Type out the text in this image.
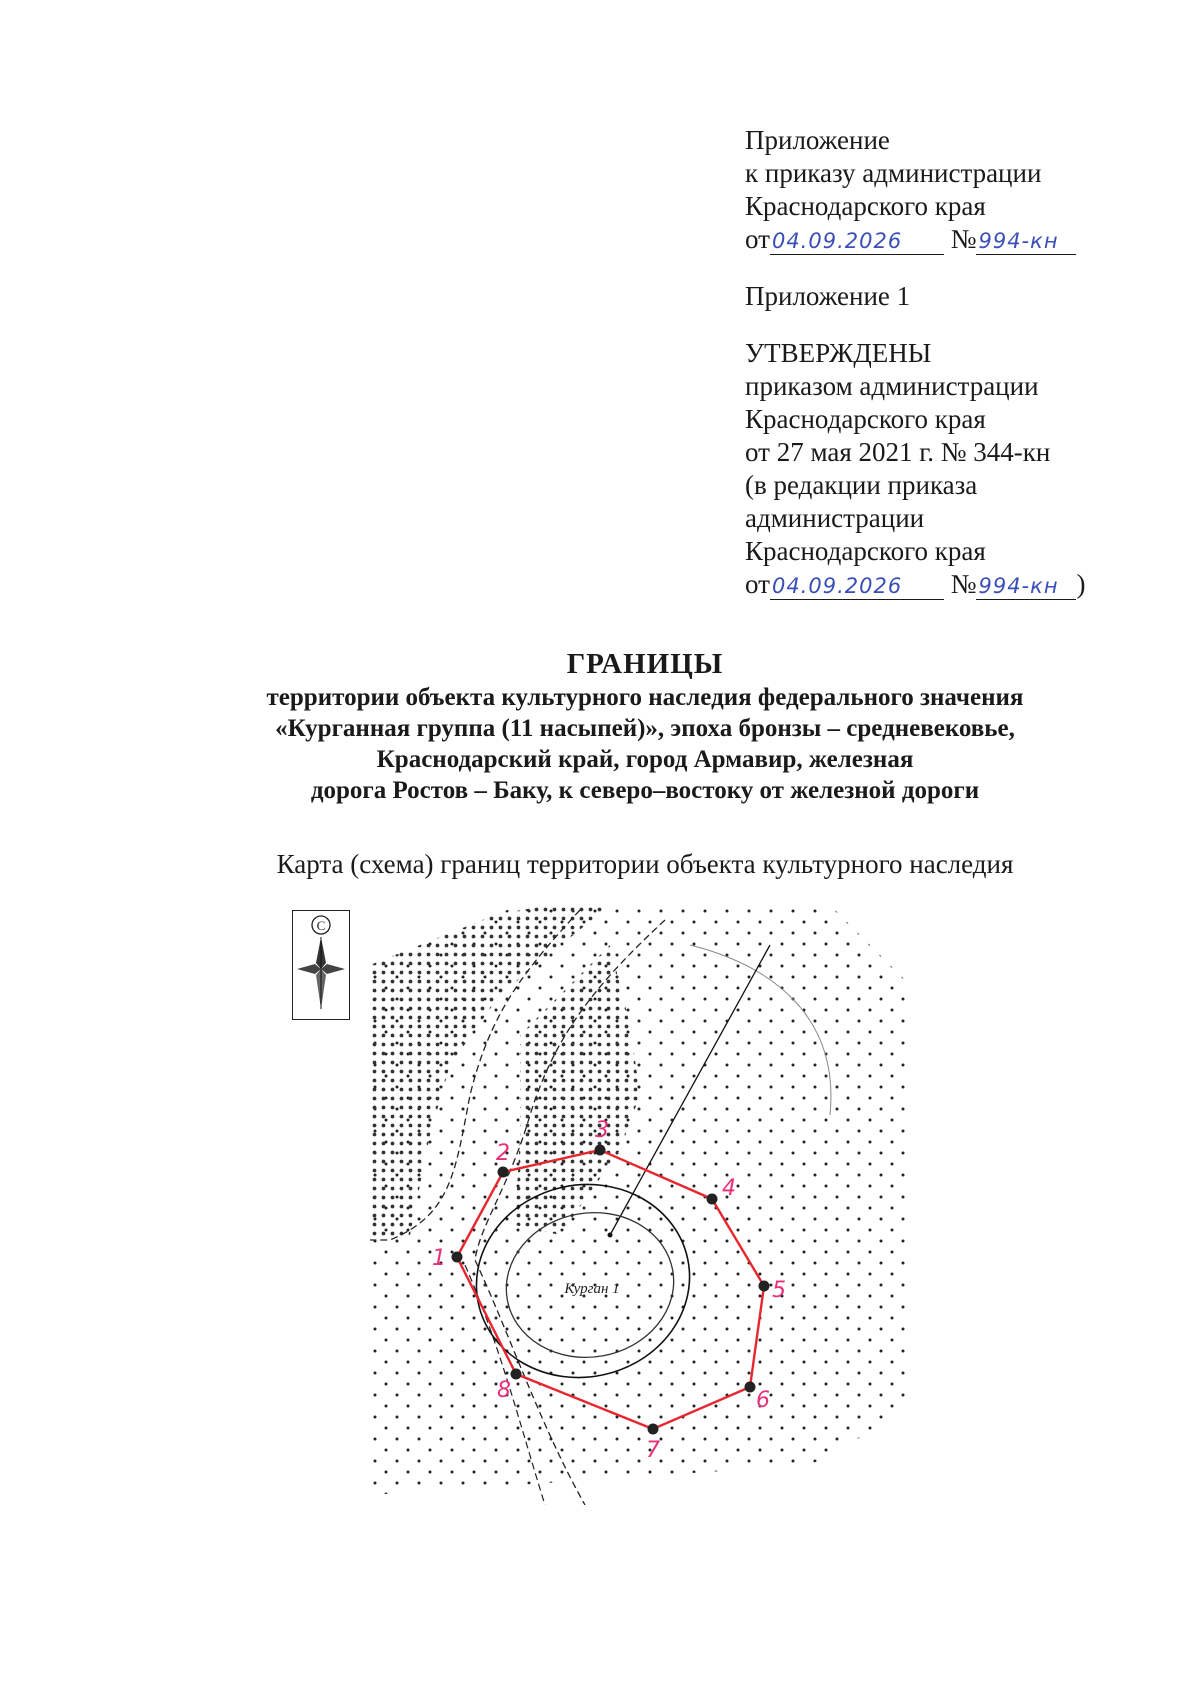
Приложение
к приказу администрации
Краснодарского края
от04.09.2026 №994-кн
Приложение 1
УТВЕРЖДЕНЫ
приказом администрации
Краснодарского края
от 27 мая 2021 г. № 344-кн
(в редакции приказа
администрации
Краснодарского края
от04.09.2026 №994-кн )
ГРАНИЦЫ
территории объекта культурного наследия федерального значения
«Курганная группа (11 насыпей)», эпоха бронзы – средневековье,
Краснодарский край, город Армавир, железная
дорога Ростов – Баку, к северо–востоку от железной дороги
Карта (схема) границ территории объекта культурного наследия
С
Курган 1
1
2
3
4
5
6
7
8
